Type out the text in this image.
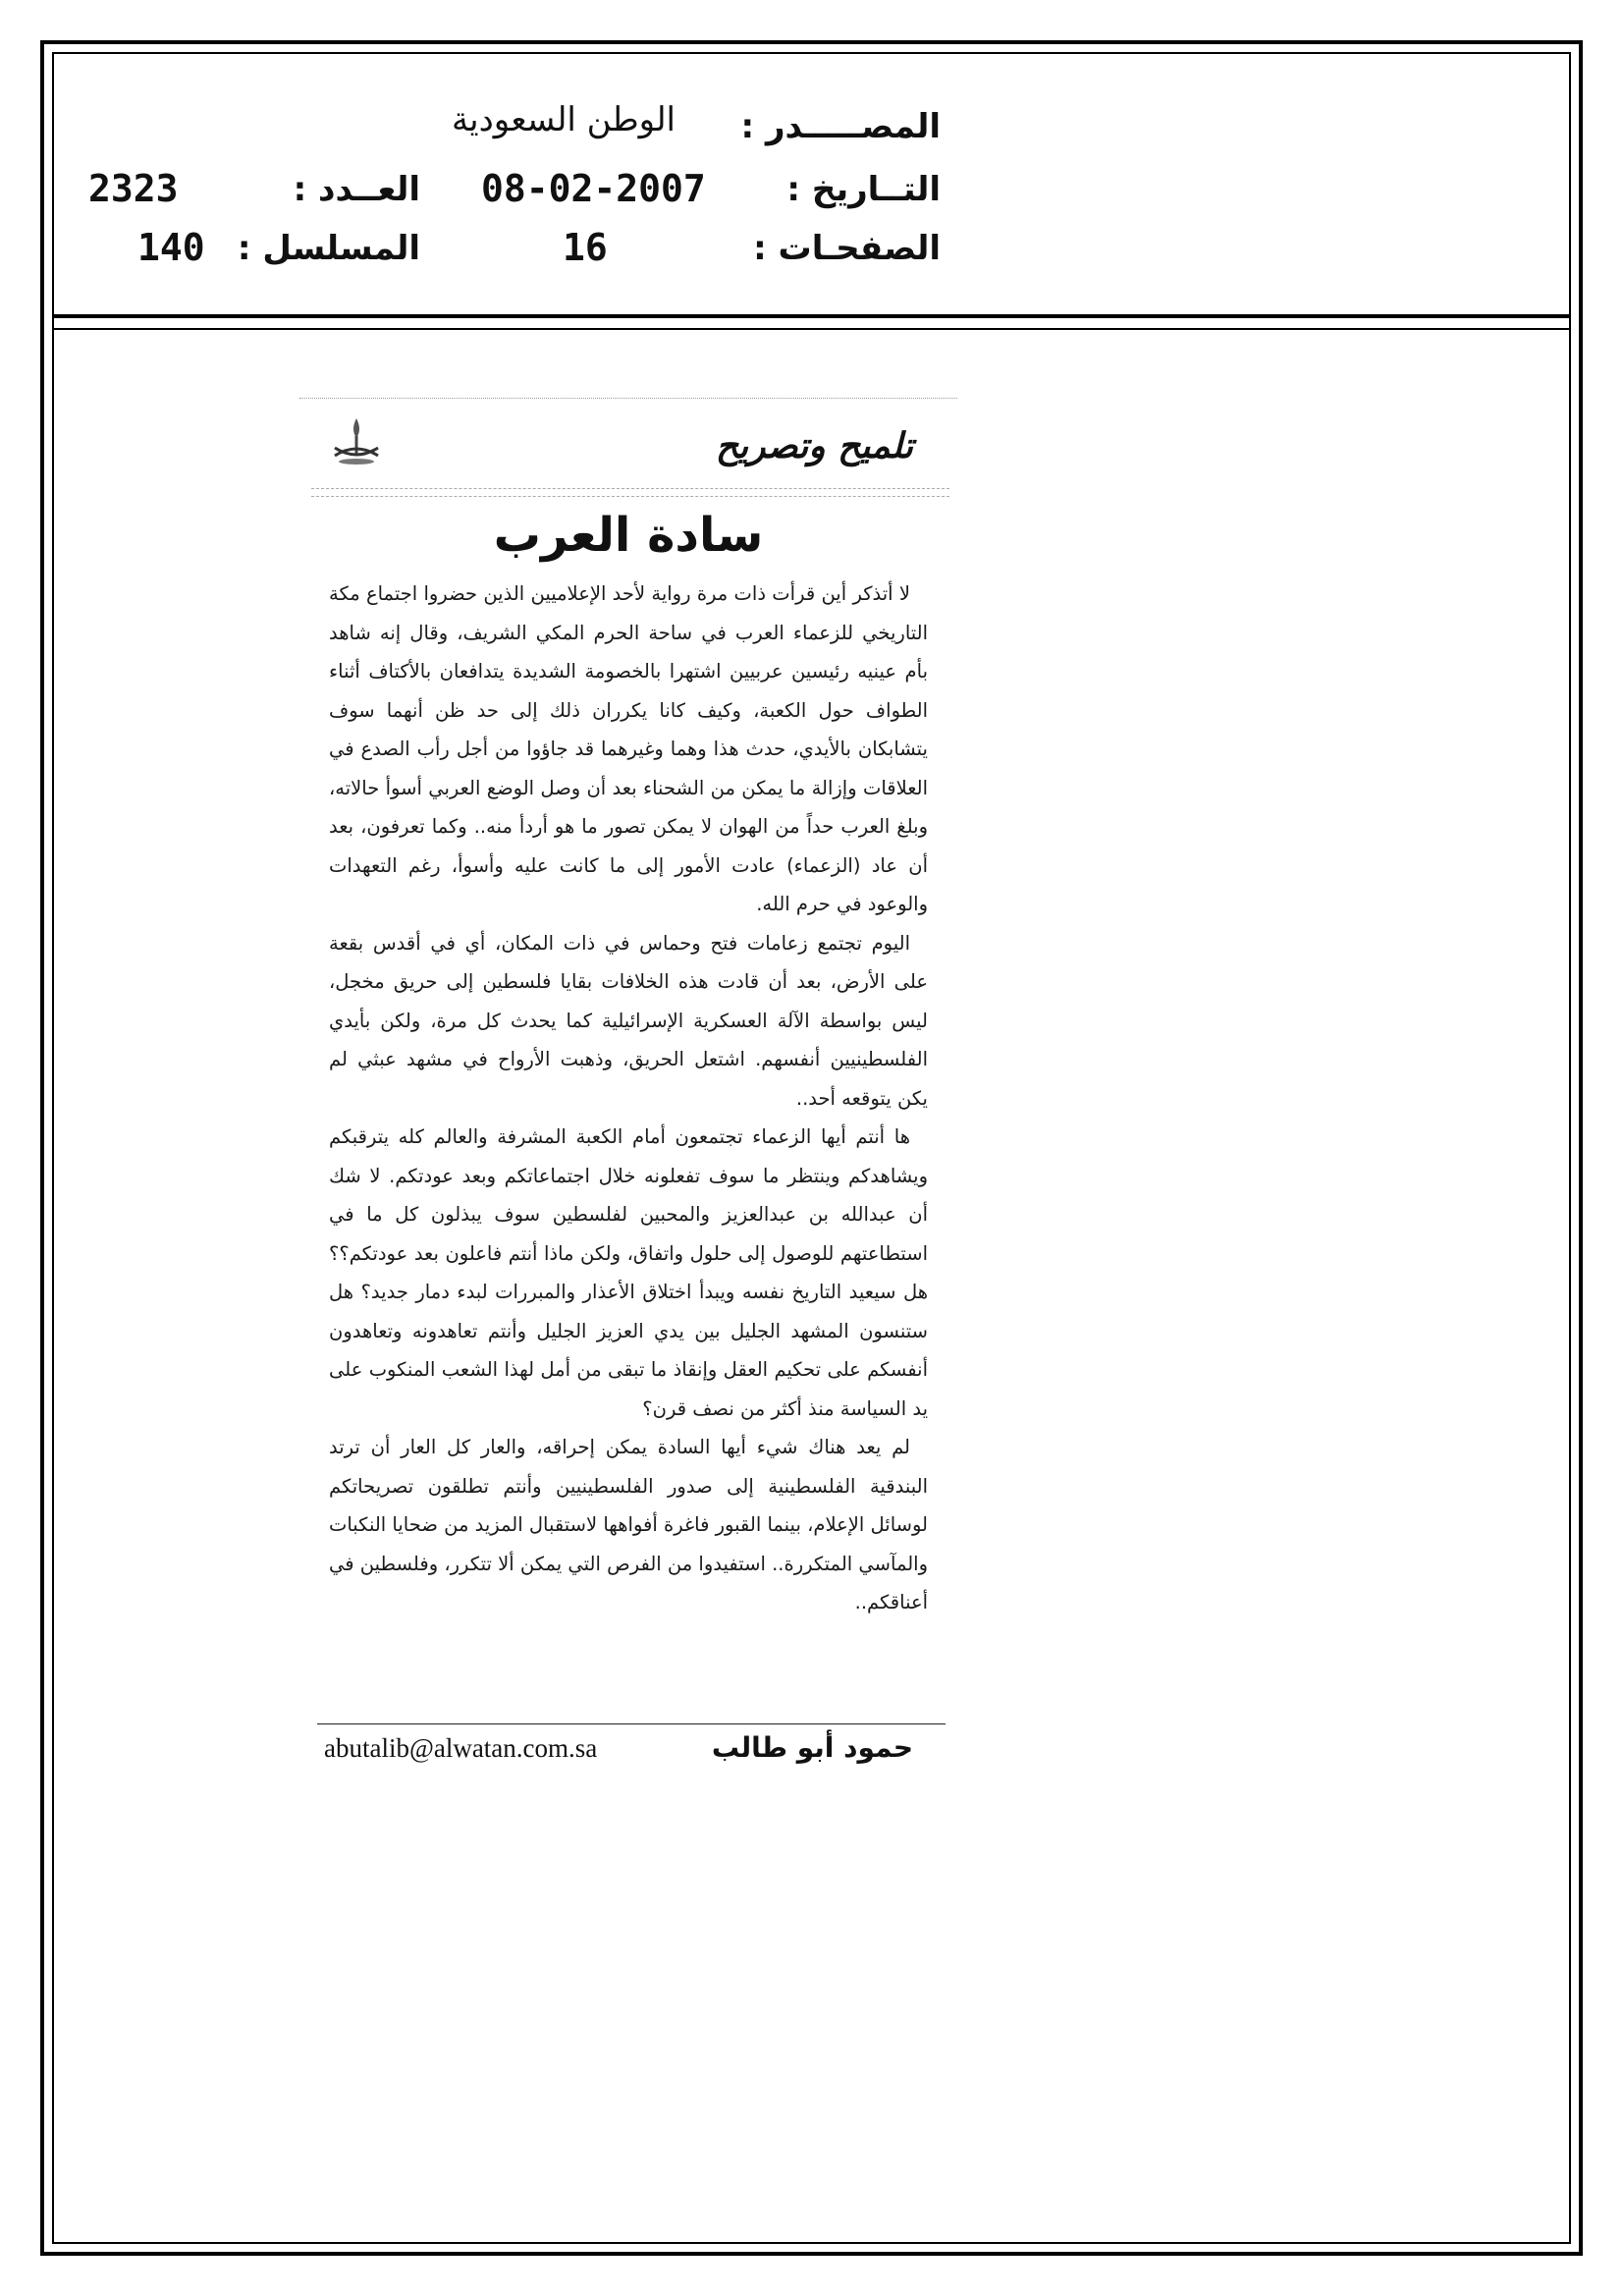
المصـــــدر :
الوطن السعودية
التــاريخ :
08-02-2007
العــدد :
2323
الصفحـات :
16
المسلسل :
140
تلميح وتصريح
سادة العرب

لا أتذكر أين قرأت ذات مرة رواية لأحد الإعلاميين الذين حضروا اجتماع مكة التاريخي للزعماء العرب في ساحة الحرم المكي الشريف، وقال إنه شاهد بأم عينيه رئيسين عربيين اشتهرا بالخصومة الشديدة يتدافعان بالأكتاف أثناء الطواف حول الكعبة، وكيف كانا يكرران ذلك إلى حد ظن أنهما سوف يتشابكان بالأيدي، حدث هذا وهما وغيرهما قد جاؤوا من أجل رأب الصدع في العلاقات وإزالة ما يمكن من الشحناء بعد أن وصل الوضع العربي أسوأ حالاته، وبلغ العرب حداً من الهوان لا يمكن تصور ما هو أردأ منه.. وكما تعرفون، بعد أن عاد (الزعماء) عادت الأمور إلى ما كانت عليه وأسوأ، رغم التعهدات والوعود في حرم الله.

اليوم تجتمع زعامات فتح وحماس في ذات المكان، أي في أقدس بقعة على الأرض، بعد أن قادت هذه الخلافات بقايا فلسطين إلى حريق مخجل، ليس بواسطة الآلة العسكرية الإسرائيلية كما يحدث كل مرة، ولكن بأيدي الفلسطينيين أنفسهم. اشتعل الحريق، وذهبت الأرواح في مشهد عبثي لم يكن يتوقعه أحد..

ها أنتم أيها الزعماء تجتمعون أمام الكعبة المشرفة والعالم كله يترقبكم ويشاهدكم وينتظر ما سوف تفعلونه خلال اجتماعاتكم وبعد عودتكم. لا شك أن عبدالله بن عبدالعزيز والمحبين لفلسطين سوف يبذلون كل ما في استطاعتهم للوصول إلى حلول واتفاق، ولكن ماذا أنتم فاعلون بعد عودتكم؟؟ هل سيعيد التاريخ نفسه ويبدأ اختلاق الأعذار والمبررات لبدء دمار جديد؟ هل ستنسون المشهد الجليل بين يدي العزيز الجليل وأنتم تعاهدونه وتعاهدون أنفسكم على تحكيم العقل وإنقاذ ما تبقى من أمل لهذا الشعب المنكوب على يد السياسة منذ أكثر من نصف قرن؟

لم يعد هناك شيء أيها السادة يمكن إحراقه، والعار كل العار أن ترتد البندقية الفلسطينية إلى صدور الفلسطينيين وأنتم تطلقون تصريحاتكم لوسائل الإعلام، بينما القبور فاغرة أفواهها لاستقبال المزيد من ضحايا النكبات والمآسي المتكررة.. استفيدوا من الفرص التي يمكن ألا تتكرر، وفلسطين في أعناقكم..

abutalib@alwatan.com.sa	حمود أبو طالب
